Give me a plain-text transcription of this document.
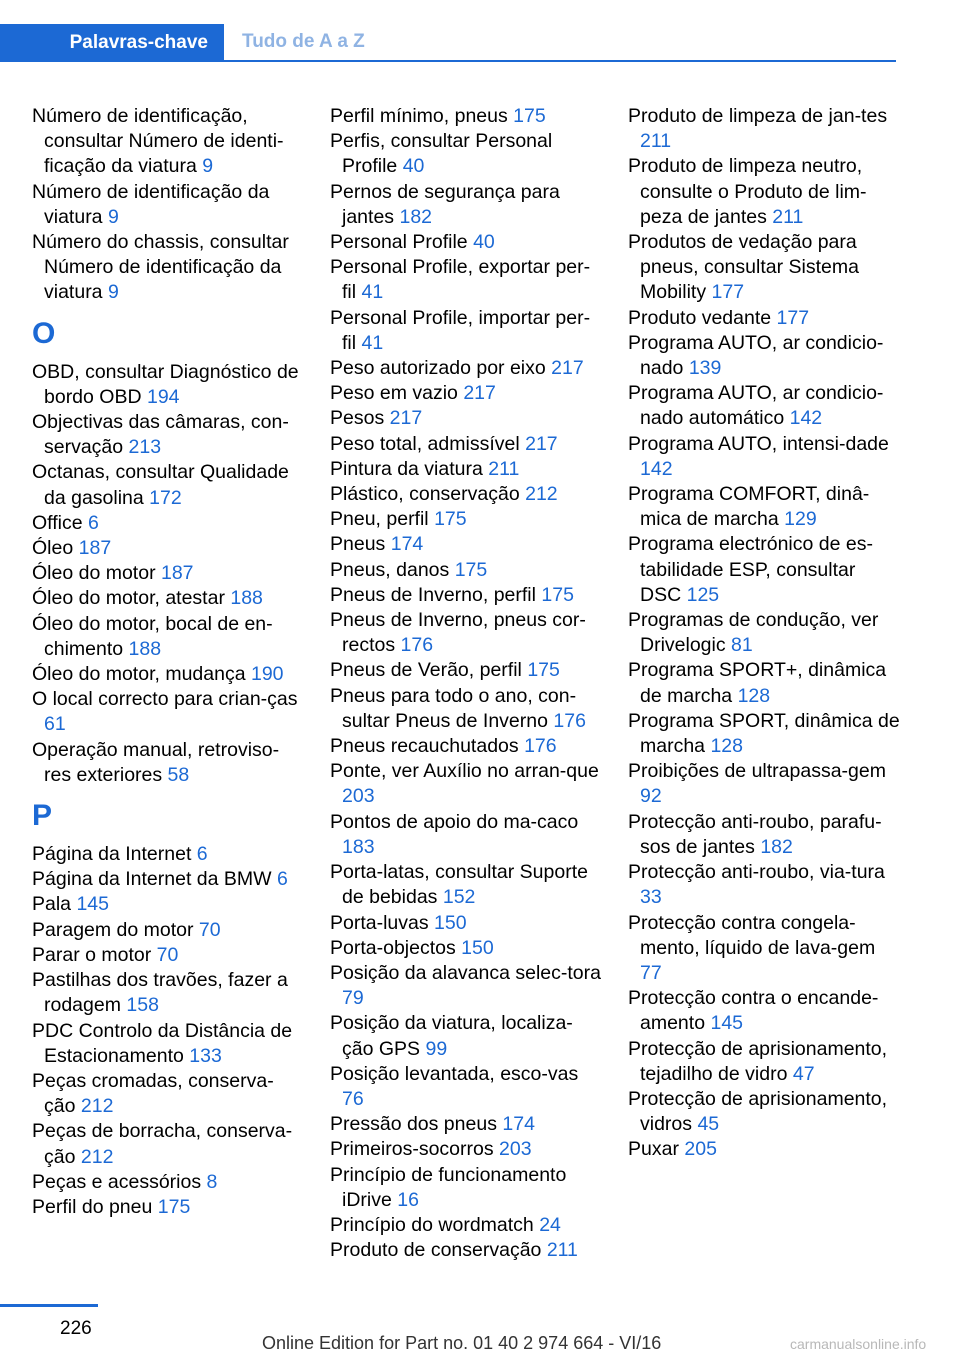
Palavras-chave Tudo de A a Z
Número de identificação, consultar Número de identi-ficação da viatura 9
Número de identificação da viatura 9
Número do chassis, consultar Número de identificação da viatura 9
O
OBD, consultar Diagnóstico de bordo OBD 194
Objectivas das câmaras, con-servação 213
Octanas, consultar Qualidade da gasolina 172
Office 6
Óleo 187
Óleo do motor 187
Óleo do motor, atestar 188
Óleo do motor, bocal de en-chimento 188
Óleo do motor, mudança 190
O local correcto para crian-ças 61
Operação manual, retroviso-res exteriores 58
P
Página da Internet 6
Página da Internet da BMW 6
Pala 145
Paragem do motor 70
Parar o motor 70
Pastilhas dos travões, fazer a rodagem 158
PDC Controlo da Distância de Estacionamento 133
Peças cromadas, conserva-ção 212
Peças de borracha, conserva-ção 212
Peças e acessórios 8
Perfil do pneu 175
Perfil mínimo, pneus 175
Perfis, consultar Personal Profile 40
Pernos de segurança para jantes 182
Personal Profile 40
Personal Profile, exportar per-fil 41
Personal Profile, importar per-fil 41
Peso autorizado por eixo 217
Peso em vazio 217
Pesos 217
Peso total, admissível 217
Pintura da viatura 211
Plástico, conservação 212
Pneu, perfil 175
Pneus 174
Pneus, danos 175
Pneus de Inverno, perfil 175
Pneus de Inverno, pneus cor-rectos 176
Pneus de Verão, perfil 175
Pneus para todo o ano, con-sultar Pneus de Inverno 176
Pneus recauchutados 176
Ponte, ver Auxílio no arran-que 203
Pontos de apoio do ma-caco 183
Porta-latas, consultar Suporte de bebidas 152
Porta-luvas 150
Porta-objectos 150
Posição da alavanca selec-tora 79
Posição da viatura, localiza-ção GPS 99
Posição levantada, esco-vas 76
Pressão dos pneus 174
Primeiros-socorros 203
Princípio de funcionamento iDrive 16
Princípio do wordmatch 24
Produto de conservação 211
Produto de limpeza de jan-tes 211
Produto de limpeza neutro, consulte o Produto de lim-peza de jantes 211
Produtos de vedação para pneus, consultar Sistema Mobility 177
Produto vedante 177
Programa AUTO, ar condicio-nado 139
Programa AUTO, ar condicio-nado automático 142
Programa AUTO, intensi-dade 142
Programa COMFORT, dinâ-mica de marcha 129
Programa electrónico de es-tabilidade ESP, consultar DSC 125
Programas de condução, ver Drivelogic 81
Programa SPORT+, dinâmica de marcha 128
Programa SPORT, dinâmica de marcha 128
Proibições de ultrapassa-gem 92
Protecção anti-roubo, parafu-sos de jantes 182
Protecção anti-roubo, via-tura 33
Protecção contra congela-mento, líquido de lava-gem 77
Protecção contra o encande-amento 145
Protecção de aprisionamento, tejadilho de vidro 47
Protecção de aprisionamento, vidros 45
Puxar 205
226
Online Edition for Part no. 01 40 2 974 664 - VI/16	carmanualsonline.info
